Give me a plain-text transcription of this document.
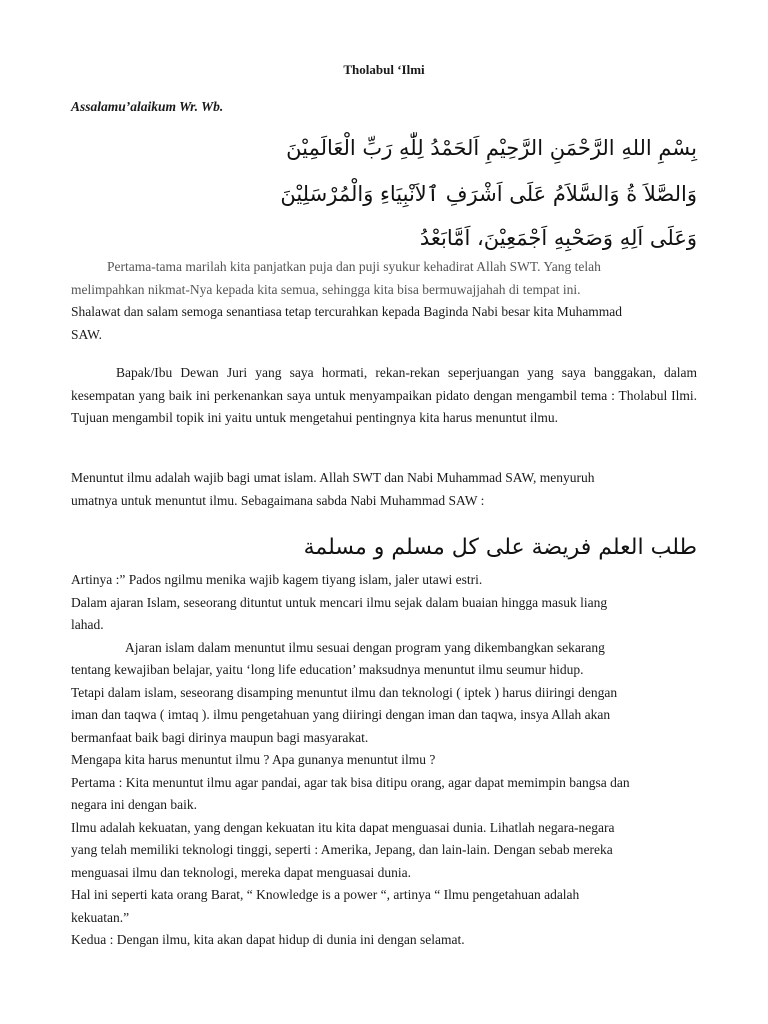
Tholabul ‘Ilmi
Assalamu’alaikum Wr. Wb.
بِسْمِ اللهِ الرَّحْمَنِ الرَّحِيْمِ اَلحَمْدُ لِلّٰهِ رَبِّ الْعَالَمِيْنَ
وَالصَّلاَ ةُ وَالسَّلاَمُ عَلَى اَشْرَفِ ٱلاَنْبِيَاءِ وَالْمُرْسَلِيْنَ
وَعَلَى اَلِهِ وَصَحْبِهِ اَجْمَعِيْنَ، اَمَّابَعْدُ
Pertama-tama marilah kita panjatkan puja dan puji syukur kehadirat Allah SWT. Yang telah
melimpahkan nikmat-Nya kepada kita semua, sehingga kita bisa bermuwajjahah di tempat ini.
Shalawat dan salam semoga senantiasa tetap tercurahkan kepada Baginda Nabi besar kita Muhammad
SAW.
Bapak/Ibu Dewan Juri yang saya hormati, rekan-rekan seperjuangan yang saya banggakan, dalam kesempatan yang baik ini perkenankan saya untuk menyampaikan pidato dengan mengambil tema : Tholabul Ilmi. Tujuan mengambil topik ini yaitu untuk mengetahui pentingnya kita harus menuntut ilmu.
Menuntut ilmu adalah wajib bagi umat islam. Allah SWT dan Nabi Muhammad SAW, menyuruh
umatnya untuk menuntut ilmu. Sebagaimana sabda Nabi Muhammad SAW :
طلب العلم فريضة على كل مسلم و مسلمة
Artinya :” Pados ngilmu menika wajib kagem tiyang islam, jaler utawi estri.
Dalam ajaran Islam, seseorang dituntut untuk mencari ilmu sejak dalam buaian hingga masuk liang
lahad.
Ajaran islam dalam menuntut ilmu sesuai dengan program yang dikembangkan sekarang
tentang kewajiban belajar, yaitu ‘long life education’ maksudnya menuntut ilmu seumur hidup.
Tetapi dalam islam, seseorang disamping menuntut ilmu dan teknologi ( iptek ) harus diiringi dengan
iman dan taqwa ( imtaq ). ilmu pengetahuan yang diiringi dengan iman dan taqwa, insya Allah akan
bermanfaat baik bagi dirinya maupun bagi masyarakat.
Mengapa kita harus menuntut ilmu ? Apa gunanya menuntut ilmu ?
Pertama : Kita menuntut ilmu agar pandai, agar tak bisa ditipu orang, agar dapat memimpin bangsa dan
negara ini dengan baik.
Ilmu adalah kekuatan, yang dengan kekuatan itu kita dapat menguasai dunia. Lihatlah negara-negara
yang telah memiliki teknologi tinggi, seperti : Amerika, Jepang, dan lain-lain. Dengan sebab mereka
menguasai ilmu dan teknologi, mereka dapat menguasai dunia.
Hal ini seperti kata orang Barat, “ Knowledge is a power “, artinya “ Ilmu pengetahuan adalah
kekuatan.”
Kedua : Dengan ilmu, kita akan dapat hidup di dunia ini dengan selamat.
